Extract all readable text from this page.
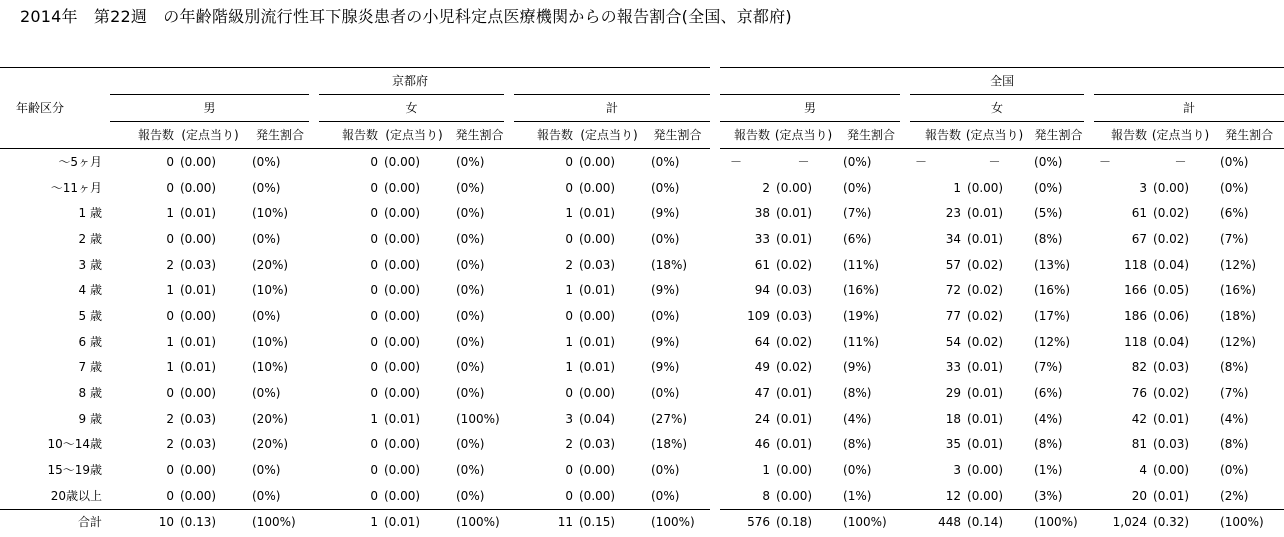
2014年　第22週　の年齢階級別流行性耳下腺炎患者の小児科定点医療機関からの報告割合(全国、京都府)
年齢区分	京都府										全国								
	男			女			計				男			女			計		
	報告数	(定点当り)	発生割合	報告数	(定点当り)	発生割合	報告数	(定点当り)	発生割合		報告数	(定点当り)	発生割合	報告数	(定点当り)	発生割合	報告数	(定点当り)	発生割合
～5ヶ月	0	(0.00)	(0%)	0	(0.00)	(0%)	0	(0.00)	(0%)		－	－	(0%)	－	－	(0%)	－	－	(0%)
～11ヶ月	0	(0.00)	(0%)	0	(0.00)	(0%)	0	(0.00)	(0%)		2	(0.00)	(0%)	1	(0.00)	(0%)	3	(0.00)	(0%)
1 歳	1	(0.01)	(10%)	0	(0.00)	(0%)	1	(0.01)	(9%)		38	(0.01)	(7%)	23	(0.01)	(5%)	61	(0.02)	(6%)
2 歳	0	(0.00)	(0%)	0	(0.00)	(0%)	0	(0.00)	(0%)		33	(0.01)	(6%)	34	(0.01)	(8%)	67	(0.02)	(7%)
3 歳	2	(0.03)	(20%)	0	(0.00)	(0%)	2	(0.03)	(18%)		61	(0.02)	(11%)	57	(0.02)	(13%)	118	(0.04)	(12%)
4 歳	1	(0.01)	(10%)	0	(0.00)	(0%)	1	(0.01)	(9%)		94	(0.03)	(16%)	72	(0.02)	(16%)	166	(0.05)	(16%)
5 歳	0	(0.00)	(0%)	0	(0.00)	(0%)	0	(0.00)	(0%)		109	(0.03)	(19%)	77	(0.02)	(17%)	186	(0.06)	(18%)
6 歳	1	(0.01)	(10%)	0	(0.00)	(0%)	1	(0.01)	(9%)		64	(0.02)	(11%)	54	(0.02)	(12%)	118	(0.04)	(12%)
7 歳	1	(0.01)	(10%)	0	(0.00)	(0%)	1	(0.01)	(9%)		49	(0.02)	(9%)	33	(0.01)	(7%)	82	(0.03)	(8%)
8 歳	0	(0.00)	(0%)	0	(0.00)	(0%)	0	(0.00)	(0%)		47	(0.01)	(8%)	29	(0.01)	(6%)	76	(0.02)	(7%)
9 歳	2	(0.03)	(20%)	1	(0.01)	(100%)	3	(0.04)	(27%)		24	(0.01)	(4%)	18	(0.01)	(4%)	42	(0.01)	(4%)
10～14歳	2	(0.03)	(20%)	0	(0.00)	(0%)	2	(0.03)	(18%)		46	(0.01)	(8%)	35	(0.01)	(8%)	81	(0.03)	(8%)
15～19歳	0	(0.00)	(0%)	0	(0.00)	(0%)	0	(0.00)	(0%)		1	(0.00)	(0%)	3	(0.00)	(1%)	4	(0.00)	(0%)
20歳以上	0	(0.00)	(0%)	0	(0.00)	(0%)	0	(0.00)	(0%)		8	(0.00)	(1%)	12	(0.00)	(3%)	20	(0.01)	(2%)
合計	10	(0.13)	(100%)	1	(0.01)	(100%)	11	(0.15)	(100%)		576	(0.18)	(100%)	448	(0.14)	(100%)	1,024	(0.32)	(100%)
